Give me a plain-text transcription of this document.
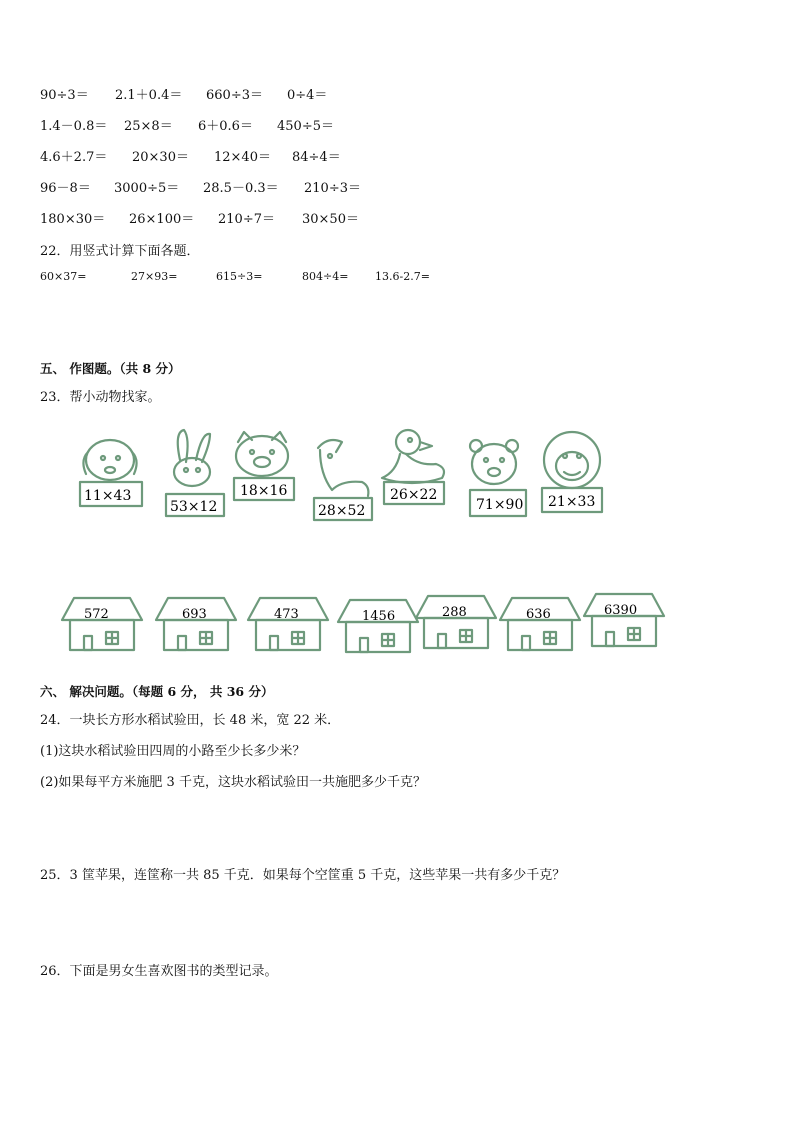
90÷3＝ 2.1＋0.4＝ 660÷3＝ 0÷4＝
1.4－0.8＝ 25×8＝ 6＋0.6＝ 450÷5＝
4.6＋2.7＝ 20×30＝ 12×40＝ 84÷4＝
96－8＝ 3000÷5＝ 28.5－0.3＝ 210÷3＝
180×30＝ 26×100＝ 210÷7＝ 30×50＝
22．用竖式计算下面各题．
60×37=	27×93=	615÷3=	804÷4= 13.6-2.7=
五、 作图题。（共 8 分）
23．帮小动物找家。
11×43
53×12
18×16
28×52
26×22
71×90 21×33
572	693	473	1456	288	636	6390
六、 解决问题。（每题 6 分， 共 36 分）
24．一块长方形水稻试验田，长 48 米，宽 22 米．
(1)这块水稻试验田四周的小路至少长多少米？
(2)如果每平方米施肥 3 千克，这块水稻试验田一共施肥多少千克？
25．3 筐苹果，连筐称一共 85 千克．如果每个空筐重 5 千克，这些苹果一共有多少千克？
26．下面是男女生喜欢图书的类型记录。
